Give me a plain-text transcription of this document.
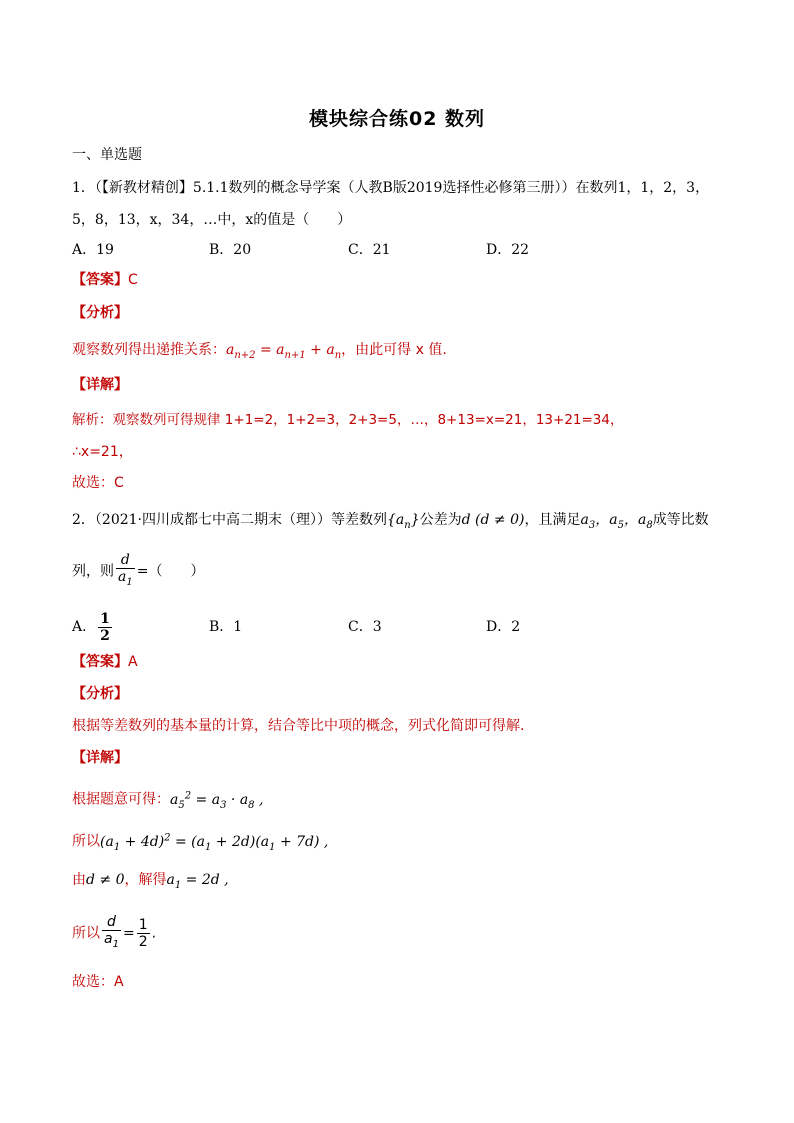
模块综合练02 数列
一、单选题
1．（【新教材精创】5.1.1数列的概念导学案（人教B版2019选择性必修第三册））在数列1，1，2，3，
5，8，13，x，34，…中，x的值是（　　）
A．19	B．20	C．21	D．22
【答案】C
【分析】
观察数列得出递推关系：$a_{n+2} = a_{n+1} + a_n$，由此可得 x 值.
【详解】
解析：观察数列可得规律 1+1=2，1+2=3，2+3=5，…，8+13=x=21，13+21=34，
∴x=21，
故选：C
2．（2021·四川成都七中高二期末（理））等差数列$\{a_n\}$公差为d (d ≠ 0)，且满足$a_3$，$a_5$，$a_8$成等比数
列，则 $\frac{d}{a_1}$ =（　　）
A． $\frac{1}{2}$	B．1	C．3	D．2
【答案】A
【分析】
根据等差数列的基本量的计算，结合等比中项的概念，列式化简即可得解.
【详解】
根据题意可得：$a_5^2 = a_3 \cdot a_8$ ,
所以$(a_1 + 4d)^2 = (a_1 + 2d)(a_1 + 7d)$ ,
由d ≠ 0，解得$a_1 = 2d$ ,
所以 $\frac{d}{a_1} = \frac{1}{2}$ .
故选：A
